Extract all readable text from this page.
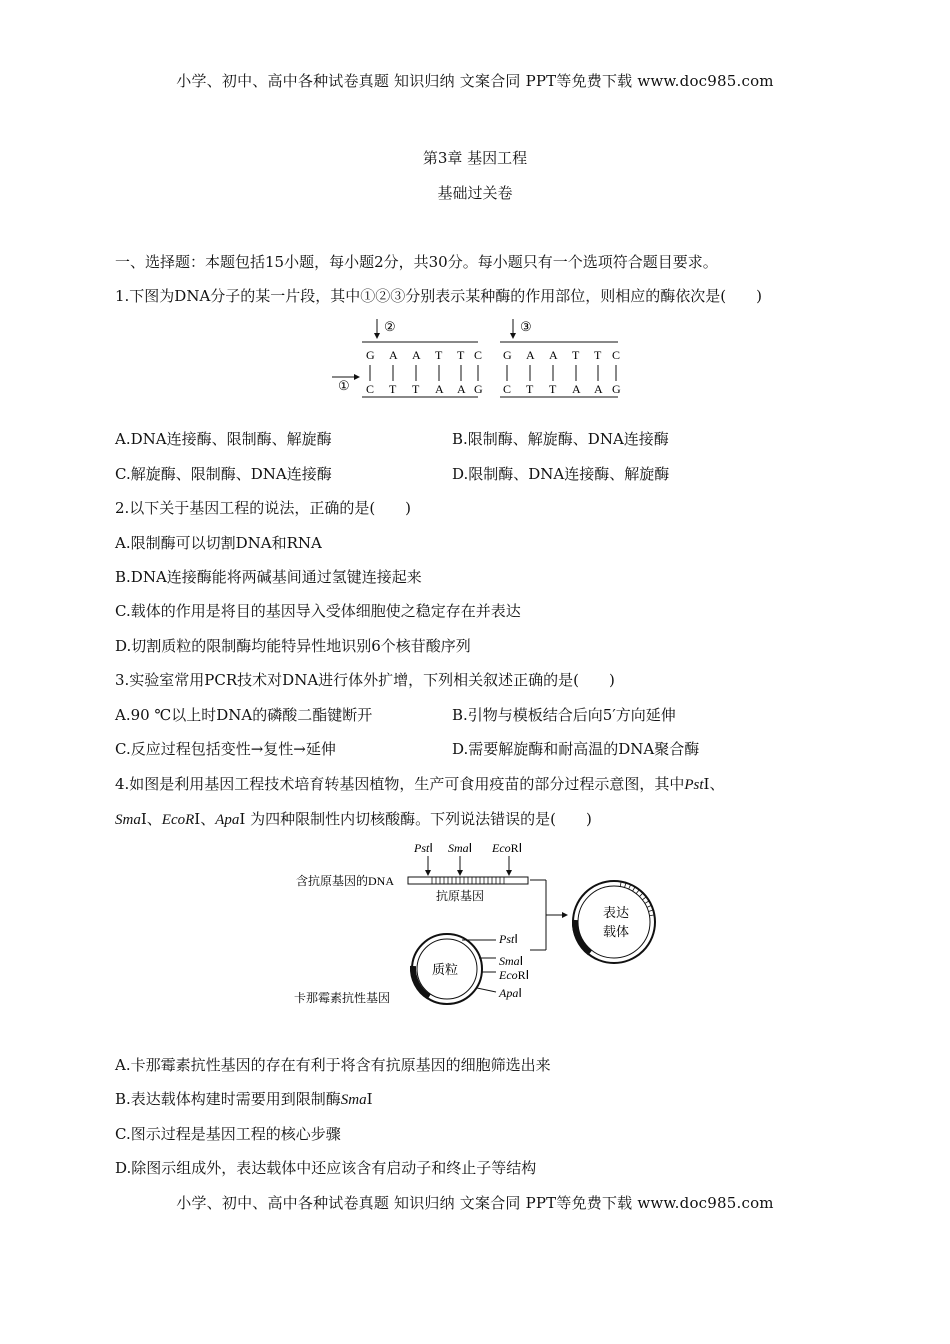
小学、初中、高中各种试卷真题 知识归纳 文案合同 PPT等免费下载 www.doc985.com
小学、初中、高中各种试卷真题 知识归纳 文案合同 PPT等免费下载 www.doc985.com
第3章 基因工程
基础过关卷
一、选择题：本题包括15小题，每小题2分，共30分。每小题只有一个选项符合题目要求。
1.下图为DNA分子的某一片段，其中①②③分别表示某种酶的作用部位，则相应的酶依次是(　　)
②	③
①
G A A T T C G A A T T C
C T T A A G C T T A A G
A.DNA连接酶、限制酶、解旋酶	B.限制酶、解旋酶、DNA连接酶
C.解旋酶、限制酶、DNA连接酶	D.限制酶、DNA连接酶、解旋酶
2.以下关于基因工程的说法，正确的是(　　)
A.限制酶可以切割DNA和RNA
B.DNA连接酶能将两碱基间通过氢键连接起来
C.载体的作用是将目的基因导入受体细胞使之稳定存在并表达
D.切割质粒的限制酶均能特异性地识别6个核苷酸序列
3.实验室常用PCR技术对DNA进行体外扩增，下列相关叙述正确的是(　　)
A.90 ℃以上时DNA的磷酸二酯键断开	B.引物与模板结合后向5′方向延伸
C.反应过程包括变性→复性→延伸	D.需要解旋酶和耐高温的DNA聚合酶
4.如图是利用基因工程技术培育转基因植物，生产可食用疫苗的部分过程示意图，其中PstⅠ、
SmaⅠ、EcoRⅠ、ApaⅠ 为四种限制性内切核酸酶。下列说法错误的是(　　)
PstⅠ SmaⅠ EcoRⅠ
含抗原基因的DNA
抗原基因
表达
载体
质粒
PstⅠ
SmaⅠ
EcoRⅠ
ApaⅠ
卡那霉素抗性基因
A.卡那霉素抗性基因的存在有利于将含有抗原基因的细胞筛选出来
B.表达载体构建时需要用到限制酶SmaⅠ
C.图示过程是基因工程的核心步骤
D.除图示组成外，表达载体中还应该含有启动子和终止子等结构
